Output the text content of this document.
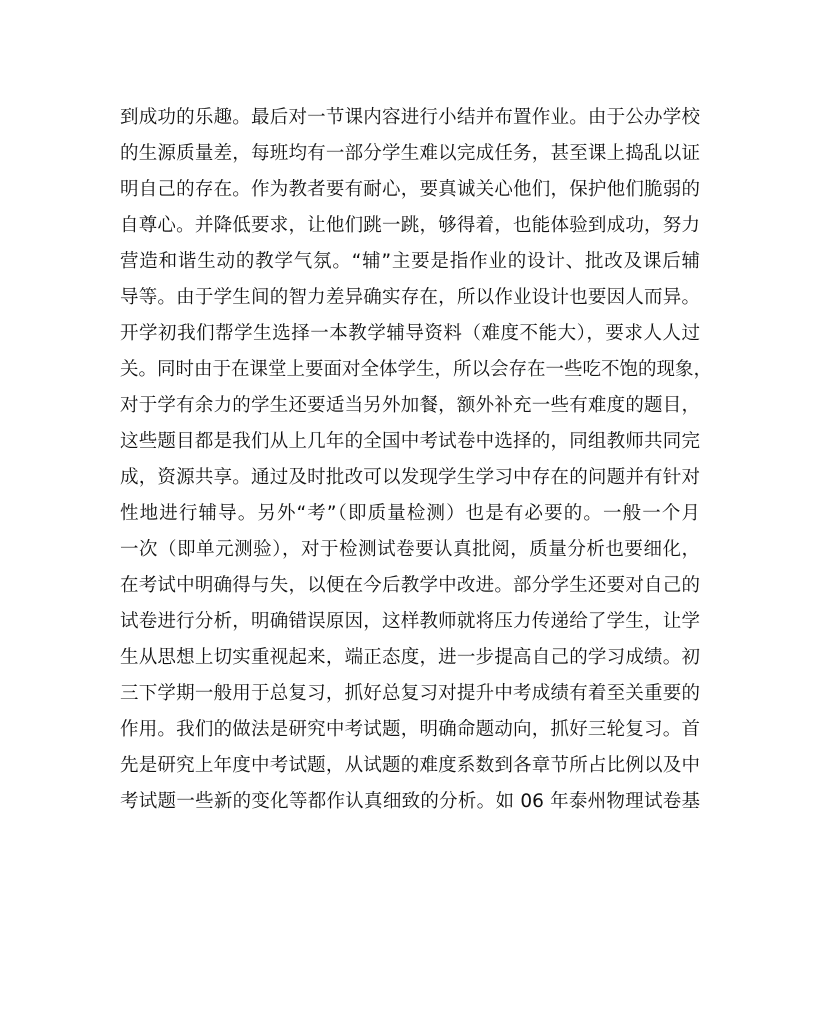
到成功的乐趣。最后对一节课内容进行小结并布置作业。由于公办学校
的生源质量差，每班均有一部分学生难以完成任务，甚至课上捣乱以证
明自己的存在。作为教者要有耐心，要真诚关心他们，保护他们脆弱的
自尊心。并降低要求，让他们跳一跳，够得着，也能体验到成功，努力
营造和谐生动的教学气氛。“辅”主要是指作业的设计、批改及课后辅
导等。由于学生间的智力差异确实存在，所以作业设计也要因人而异。
开学初我们帮学生选择一本教学辅导资料（难度不能大），要求人人过
关。同时由于在课堂上要面对全体学生，所以会存在一些吃不饱的现象，
对于学有余力的学生还要适当另外加餐，额外补充一些有难度的题目，
这些题目都是我们从上几年的全国中考试卷中选择的，同组教师共同完
成，资源共享。通过及时批改可以发现学生学习中存在的问题并有针对
性地进行辅导。另外“考”（即质量检测）也是有必要的。一般一个月
一次（即单元测验），对于检测试卷要认真批阅，质量分析也要细化，
在考试中明确得与失，以便在今后教学中改进。部分学生还要对自己的
试卷进行分析，明确错误原因，这样教师就将压力传递给了学生，让学
生从思想上切实重视起来，端正态度，进一步提高自己的学习成绩。初
三下学期一般用于总复习，抓好总复习对提升中考成绩有着至关重要的
作用。我们的做法是研究中考试题，明确命题动向，抓好三轮复习。首
先是研究上年度中考试题，从试题的难度系数到各章节所占比例以及中
考试题一些新的变化等都作认真细致的分析。如 06 年泰州物理试卷基
